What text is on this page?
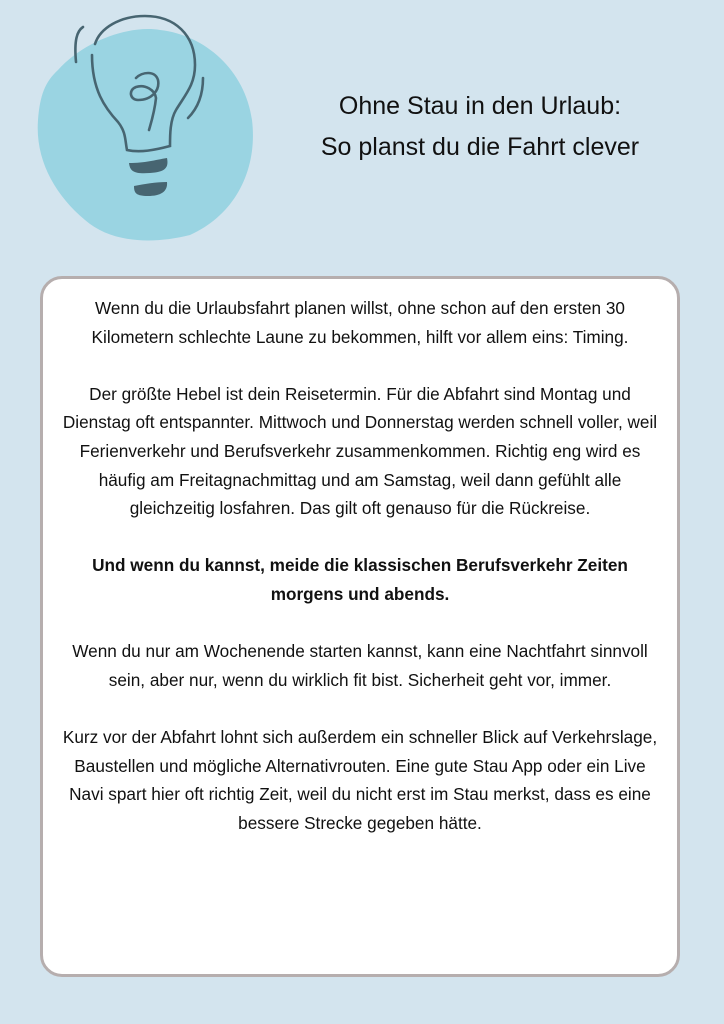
Ohne Stau in den Urlaub:
So planst du die Fahrt clever

Wenn du die Urlaubsfahrt planen willst, ohne schon auf den ersten 30 Kilometern schlechte Laune zu bekommen, hilft vor allem eins: Timing.

Der größte Hebel ist dein Reisetermin. Für die Abfahrt sind Montag und Dienstag oft entspannter. Mittwoch und Donnerstag werden schnell voller, weil Ferienverkehr und Berufsverkehr zusammenkommen. Richtig eng wird es häufig am Freitagnachmittag und am Samstag, weil dann gefühlt alle gleichzeitig losfahren. Das gilt oft genauso für die Rückreise.

Und wenn du kannst, meide die klassischen Berufsverkehr Zeiten morgens und abends.

Wenn du nur am Wochenende starten kannst, kann eine Nachtfahrt sinnvoll sein, aber nur, wenn du wirklich fit bist. Sicherheit geht vor, immer.

Kurz vor der Abfahrt lohnt sich außerdem ein schneller Blick auf Verkehrslage, Baustellen und mögliche Alternativrouten. Eine gute Stau App oder ein Live Navi spart hier oft richtig Zeit, weil du nicht erst im Stau merkst, dass es eine bessere Strecke gegeben hätte.
